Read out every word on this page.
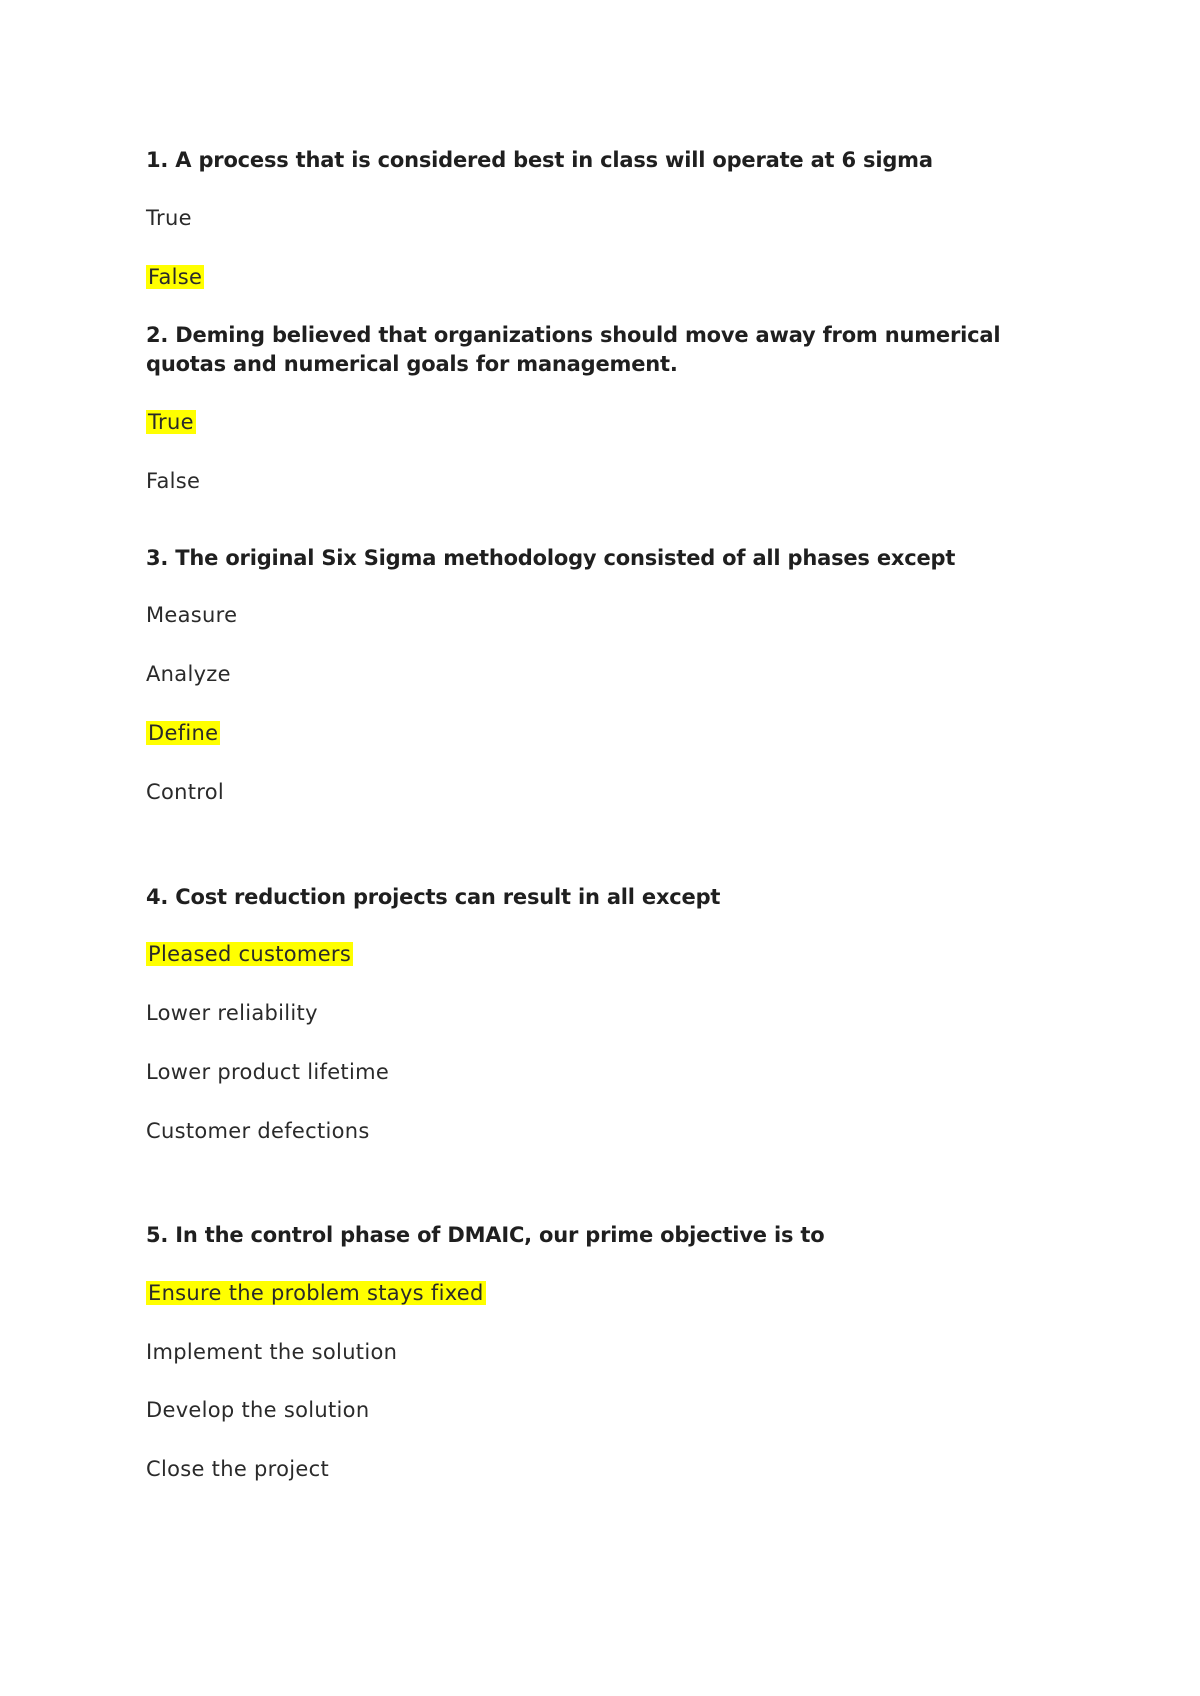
1. A process that is considered best in class will operate at 6 sigma

True

False

2. Deming believed that organizations should move away from numerical quotas and numerical goals for management.

True

False

3. The original Six Sigma methodology consisted of all phases except

Measure

Analyze

Define

Control

4. Cost reduction projects can result in all except

Pleased customers

Lower reliability

Lower product lifetime

Customer defections

5. In the control phase of DMAIC, our prime objective is to

Ensure the problem stays fixed

Implement the solution

Develop the solution

Close the project
